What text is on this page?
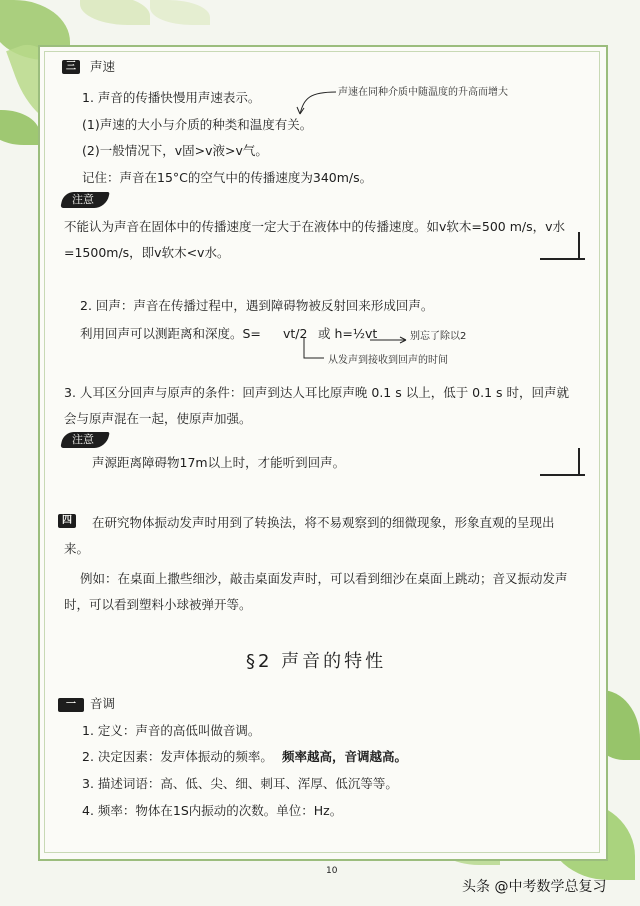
三	声速
1. 声音的传播快慢用声速表示。	声速在同种介质中随温度的升高而增大
(1)声速的大小与介质的种类和温度有关。
(2)一般情况下，v固>v液>v气。
记住：声音在15°C的空气中的传播速度为340m/s。
注意
不能认为声音在固体中的传播速度一定大于在液体中的传播速度。如v软木=500 m/s，v水=1500m/s，即v软木<v水。
2. 回声：声音在传播过程中，遇到障碍物被反射回来形成回声。
利用回声可以测距离和深度。S= vt/2 或 h=½vt	别忘了除以2
从发声到接收到回声的时间
3. 人耳区分回声与原声的条件：回声到达人耳比原声晚 0.1 s 以上，低于 0.1 s 时，回声就会与原声混在一起，使原声加强。
注意
声源距离障碍物17m以上时，才能听到回声。
四	在研究物体振动发声时用到了转换法，将不易观察到的细微现象，形象直观的呈现出来。
例如：在桌面上撒些细沙，敲击桌面发声时，可以看到细沙在桌面上跳动；音叉振动发声时，可以看到塑料小球被弹开等。
§2 声音的特性
一	音调
1. 定义：声音的高低叫做音调。
2. 决定因素：发声体振动的频率。 频率越高，音调越高。
3. 描述词语：高、低、尖、细、刺耳、浑厚、低沉等等。
4. 频率：物体在1S内振动的次数。单位：Hz。
10
头条 @中考数学总复习
